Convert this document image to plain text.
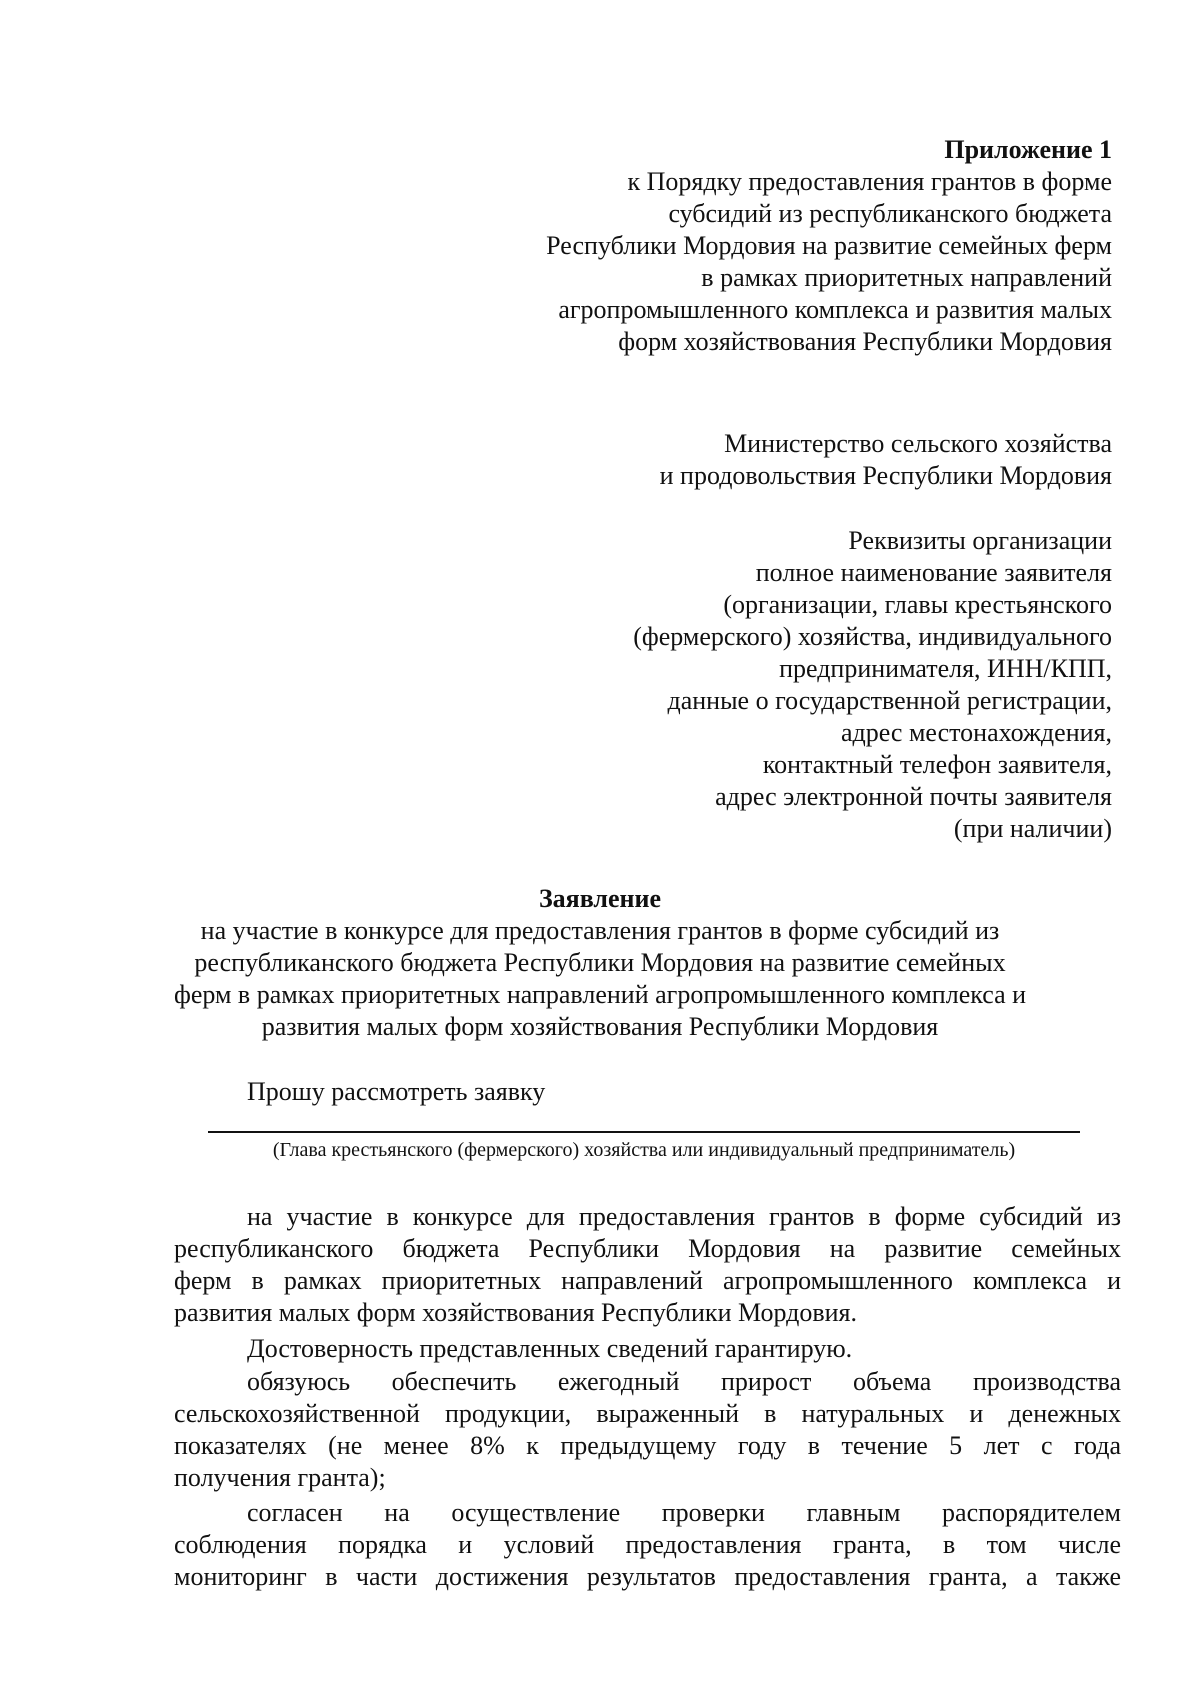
Приложение 1
к Порядку предоставления грантов в форме
субсидий из республиканского бюджета
Республики Мордовия на развитие семейных ферм
в рамках приоритетных направлений
агропромышленного комплекса и развития малых
форм хозяйствования Республики Мордовия
Министерство сельского хозяйства
и продовольствия Республики Мордовия
Реквизиты организации
полное наименование заявителя
(организации, главы крестьянского
(фермерского) хозяйства, индивидуального
предпринимателя, ИНН/КПП,
данные о государственной регистрации,
адрес местонахождения,
контактный телефон заявителя,
адрес электронной почты заявителя
(при наличии)
Заявление
на участие в конкурсе для предоставления грантов в форме субсидий из
республиканского бюджета Республики Мордовия на развитие семейных
ферм в рамках приоритетных направлений агропромышленного комплекса и
развития малых форм хозяйствования Республики Мордовия
Прошу рассмотреть заявку
(Глава крестьянского (фермерского) хозяйства или индивидуальный предприниматель)
на участие в конкурсе для предоставления грантов в форме субсидий из
республиканского бюджета Республики Мордовия на развитие семейных
ферм в рамках приоритетных направлений агропромышленного комплекса и
развития малых форм хозяйствования Республики Мордовия.
Достоверность представленных сведений гарантирую.
обязуюсь обеспечить ежегодный прирост объема производства
сельскохозяйственной продукции, выраженный в натуральных и денежных
показателях (не менее 8% к предыдущему году в течение 5 лет с года
получения гранта);
согласен на осуществление проверки главным распорядителем
соблюдения порядка и условий предоставления гранта, в том числе
мониторинг в части достижения результатов предоставления гранта, а также
